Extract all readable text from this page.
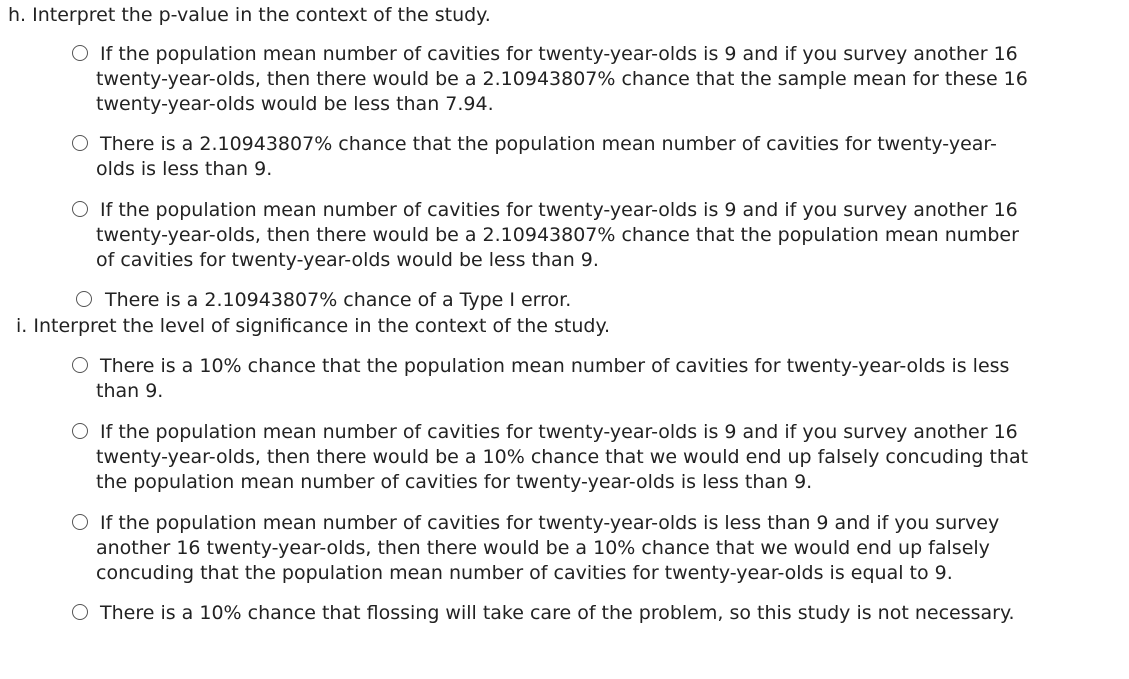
h. Interpret the p-value in the context of the study.
If the population mean number of cavities for twenty-year-olds is 9 and if you survey another 16 twenty-year-olds, then there would be a 2.10943807% chance that the sample mean for these 16 twenty-year-olds would be less than 7.94.
There is a 2.10943807% chance that the population mean number of cavities for twenty-year-olds is less than 9.
If the population mean number of cavities for twenty-year-olds is 9 and if you survey another 16 twenty-year-olds, then there would be a 2.10943807% chance that the population mean number of cavities for twenty-year-olds would be less than 9.
There is a 2.10943807% chance of a Type I error.
i. Interpret the level of significance in the context of the study.
There is a 10% chance that the population mean number of cavities for twenty-year-olds is less than 9.
If the population mean number of cavities for twenty-year-olds is 9 and if you survey another 16 twenty-year-olds, then there would be a 10% chance that we would end up falsely concuding that the population mean number of cavities for twenty-year-olds is less than 9.
If the population mean number of cavities for twenty-year-olds is less than 9 and if you survey another 16 twenty-year-olds, then there would be a 10% chance that we would end up falsely concuding that the population mean number of cavities for twenty-year-olds is equal to 9.
There is a 10% chance that flossing will take care of the problem, so this study is not necessary.
